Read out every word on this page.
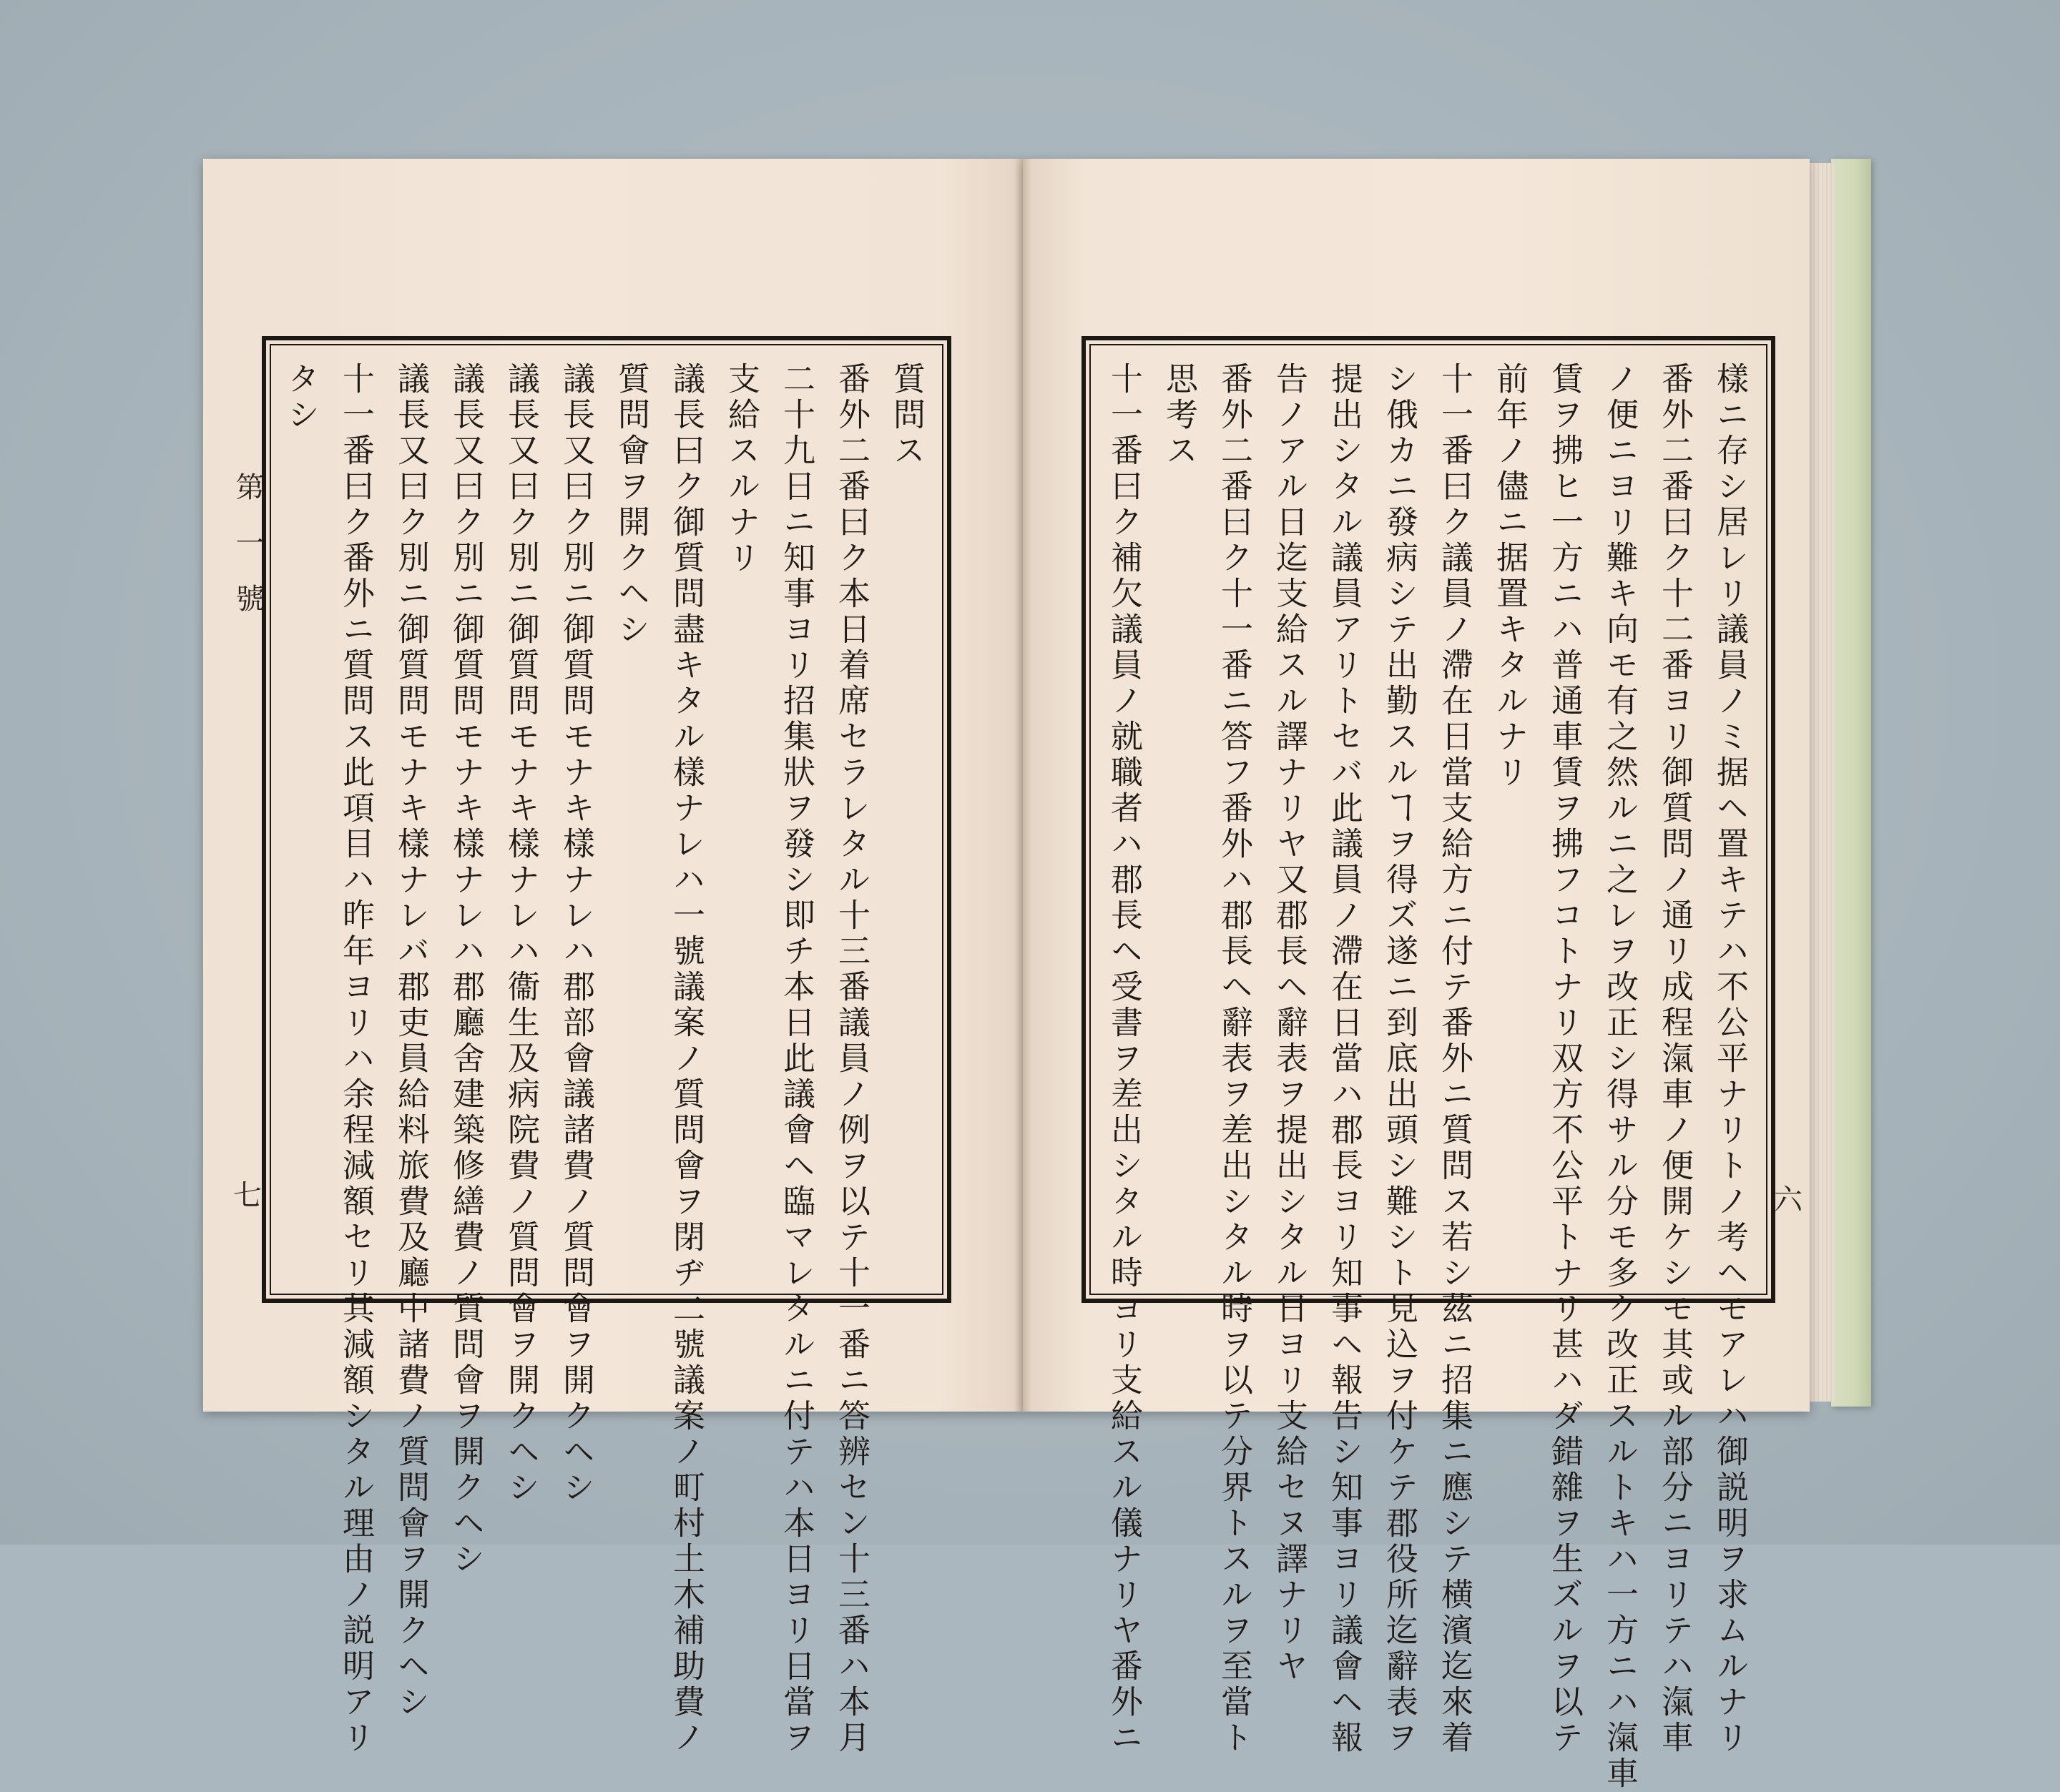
第一號
七	六
質問ス
番外二番曰ク本日着席セラレタル十三番議員ノ例ヲ以テ十一番ニ答辨セン十三番ハ本月
二十九日ニ知事ヨリ招集狀ヲ發シ即チ本日此議會ヘ臨マレタルニ付テハ本日ヨリ日當ヲ
支給スルナリ
議長曰ク御質問盡キタル樣ナレハ一號議案ノ質問會ヲ閉ヂ二號議案ノ町村土木補助費ノ
質問會ヲ開クヘシ
議長又曰ク別ニ御質問モナキ樣ナレハ郡部會議諸費ノ質問會ヲ開クヘシ
議長又曰ク別ニ御質問モナキ樣ナレハ衞生及病院費ノ質問會ヲ開クヘシ
議長又曰ク別ニ御質問モナキ樣ナレハ郡廳舍建築修繕費ノ質問會ヲ開クヘシ
議長又曰ク別ニ御質問モナキ樣ナレバ郡吏員給料旅費及廳中諸費ノ質問會ヲ開クヘシ
十一番曰ク番外ニ質問ス此項目ハ昨年ヨリハ余程減額セリ其減額シタル理由ノ説明アリ
タシ	樣ニ存シ居レリ議員ノミ据ヘ置キテハ不公平ナリトノ考ヘモアレハ御説明ヲ求ムルナリ
番外二番曰ク十二番ヨリ御質問ノ通リ成程滊車ノ便開ケシモ其或ル部分ニヨリテハ滊車
ノ便ニヨリ難キ向モ有之然ルニ之レヲ改正シ得サル分モ多ク改正スルトキハ一方ニハ滊車
賃ヲ拂ヒ一方ニハ普通車賃ヲ拂フコトナリ双方不公平トナリ甚ハダ錯雜ヲ生ズルヲ以テ
前年ノ儘ニ据置キタルナリ
十一番曰ク議員ノ滯在日當支給方ニ付テ番外ニ質問ス若シ茲ニ招集ニ應シテ横濱迄來着
シ俄カニ發病シテ出勤スルヿヲ得ズ遂ニ到底出頭シ難シト見込ヲ付ケテ郡役所迄辭表ヲ
提出シタル議員アリトセバ此議員ノ滯在日當ハ郡長ヨリ知事ヘ報告シ知事ヨリ議會ヘ報
告ノアル日迄支給スル譯ナリヤ又郡長ヘ辭表ヲ提出シタル日ヨリ支給セヌ譯ナリヤ
番外二番曰ク十一番ニ答フ番外ハ郡長ヘ辭表ヲ差出シタル時ヲ以テ分界トスルヲ至當ト
思考ス
十一番曰ク補欠議員ノ就職者ハ郡長ヘ受書ヲ差出シタル時ヨリ支給スル儀ナリヤ番外ニ
